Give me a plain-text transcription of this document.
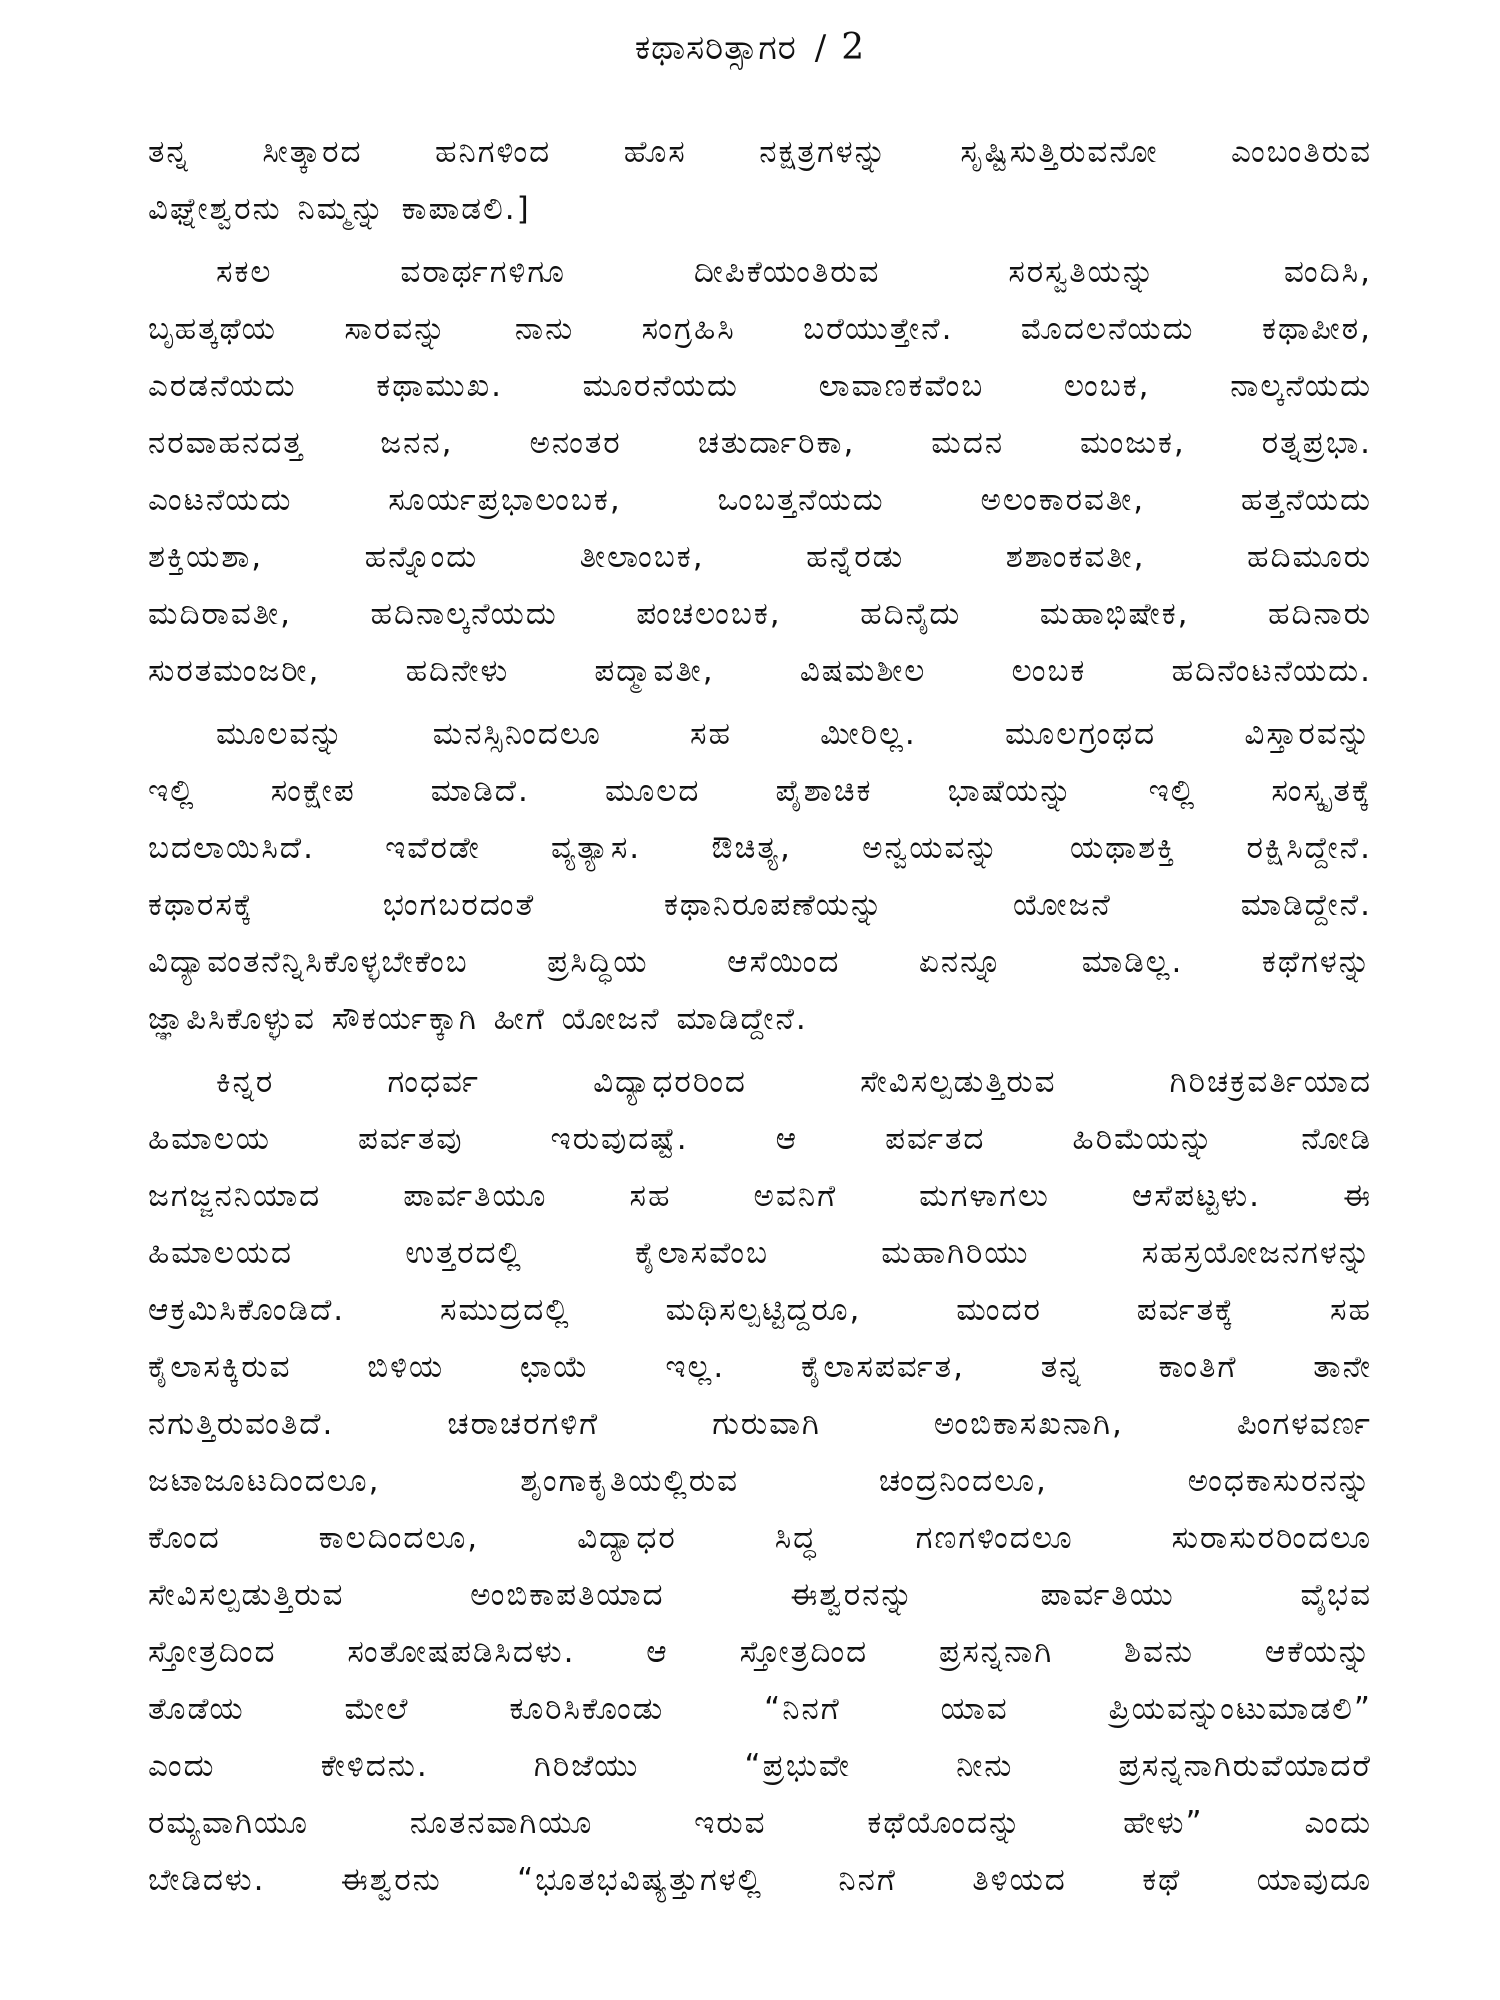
ಕಥಾಸರಿತ್ಸಾಗರ / 2
ತನ್ನ ಸೀತ್ಕಾರದ ಹನಿಗಳಿಂದ ಹೊಸ ನಕ್ಷತ್ರಗಳನ್ನು ಸೃಷ್ಟಿಸುತ್ತಿರುವನೋ ಎಂಬಂತಿರುವ
ವಿಘ್ನೇಶ್ವರನು ನಿಮ್ಮನ್ನು ಕಾಪಾಡಲಿ.]
ಸಕಲ ವರಾರ್ಥಗಳಿಗೂ ದೀಪಿಕೆಯಂತಿರುವ ಸರಸ್ವತಿಯನ್ನು ವಂದಿಸಿ,
ಬೃಹತ್ಕಥೆಯ ಸಾರವನ್ನು ನಾನು ಸಂಗ್ರಹಿಸಿ ಬರೆಯುತ್ತೇನೆ. ಮೊದಲನೆಯದು ಕಥಾಪೀಠ,
ಎರಡನೆಯದು ಕಥಾಮುಖ. ಮೂರನೆಯದು ಲಾವಾಣಕವೆಂಬ ಲಂಬಕ, ನಾಲ್ಕನೆಯದು
ನರವಾಹನದತ್ತ ಜನನ, ಅನಂತರ ಚತುರ್ದಾರಿಕಾ, ಮದನ ಮಂಜುಕ, ರತ್ನಪ್ರಭಾ.
ಎಂಟನೆಯದು ಸೂರ್ಯಪ್ರಭಾಲಂಬಕ, ಒಂಬತ್ತನೆಯದು ಅಲಂಕಾರವತೀ, ಹತ್ತನೆಯದು
ಶಕ್ತಿಯಶಾ, ಹನ್ನೊಂದು ತೀಲಾಂಬಕ, ಹನ್ನೆರಡು ಶಶಾಂಕವತೀ, ಹದಿಮೂರು
ಮದಿರಾವತೀ, ಹದಿನಾಲ್ಕನೆಯದು ಪಂಚಲಂಬಕ, ಹದಿನೈದು ಮಹಾಭಿಷೇಕ, ಹದಿನಾರು
ಸುರತಮಂಜರೀ, ಹದಿನೇಳು ಪದ್ಮಾವತೀ, ವಿಷಮಶೀಲ ಲಂಬಕ ಹದಿನೆಂಟನೆಯದು.
ಮೂಲವನ್ನು ಮನಸ್ಸಿನಿಂದಲೂ ಸಹ ಮೀರಿಲ್ಲ. ಮೂಲಗ್ರಂಥದ ವಿಸ್ತಾರವನ್ನು
ಇಲ್ಲಿ ಸಂಕ್ಷೇಪ ಮಾಡಿದೆ. ಮೂಲದ ಪೈಶಾಚಿಕ ಭಾಷೆಯನ್ನು ಇಲ್ಲಿ ಸಂಸ್ಕೃತಕ್ಕೆ
ಬದಲಾಯಿಸಿದೆ. ಇವೆರಡೇ ವ್ಯತ್ಯಾಸ. ಔಚಿತ್ಯ, ಅನ್ವಯವನ್ನು ಯಥಾಶಕ್ತಿ ರಕ್ಷಿಸಿದ್ದೇನೆ.
ಕಥಾರಸಕ್ಕೆ ಭಂಗಬರದಂತೆ ಕಥಾನಿರೂಪಣೆಯನ್ನು ಯೋಜನೆ ಮಾಡಿದ್ದೇನೆ.
ವಿದ್ಯಾವಂತನೆನ್ನಿಸಿಕೊಳ್ಳಬೇಕೆಂಬ ಪ್ರಸಿದ್ಧಿಯ ಆಸೆಯಿಂದ ಏನನ್ನೂ ಮಾಡಿಲ್ಲ. ಕಥೆಗಳನ್ನು
ಜ್ಞಾಪಿಸಿಕೊಳ್ಳುವ ಸೌಕರ್ಯಕ್ಕಾಗಿ ಹೀಗೆ ಯೋಜನೆ ಮಾಡಿದ್ದೇನೆ.
ಕಿನ್ನರ ಗಂಧರ್ವ ವಿದ್ಯಾಧರರಿಂದ ಸೇವಿಸಲ್ಪಡುತ್ತಿರುವ ಗಿರಿಚಕ್ರವರ್ತಿಯಾದ
ಹಿಮಾಲಯ ಪರ್ವತವು ಇರುವುದಷ್ಟೆ. ಆ ಪರ್ವತದ ಹಿರಿಮೆಯನ್ನು ನೋಡಿ
ಜಗಜ್ಜನನಿಯಾದ ಪಾರ್ವತಿಯೂ ಸಹ ಅವನಿಗೆ ಮಗಳಾಗಲು ಆಸೆಪಟ್ಟಳು. ಈ
ಹಿಮಾಲಯದ ಉತ್ತರದಲ್ಲಿ ಕೈಲಾಸವೆಂಬ ಮಹಾಗಿರಿಯು ಸಹಸ್ರಯೋಜನಗಳನ್ನು
ಆಕ್ರಮಿಸಿಕೊಂಡಿದೆ. ಸಮುದ್ರದಲ್ಲಿ ಮಥಿಸಲ್ಪಟ್ಟಿದ್ದರೂ, ಮಂದರ ಪರ್ವತಕ್ಕೆ ಸಹ
ಕೈಲಾಸಕ್ಕಿರುವ ಬಿಳಿಯ ಛಾಯೆ ಇಲ್ಲ. ಕೈಲಾಸಪರ್ವತ, ತನ್ನ ಕಾಂತಿಗೆ ತಾನೇ
ನಗುತ್ತಿರುವಂತಿದೆ. ಚರಾಚರಗಳಿಗೆ ಗುರುವಾಗಿ ಅಂಬಿಕಾಸಖನಾಗಿ, ಪಿಂಗಳವರ್ಣ
ಜಟಾಜೂಟದಿಂದಲೂ, ಶೃಂಗಾಕೃತಿಯಲ್ಲಿರುವ ಚಂದ್ರನಿಂದಲೂ, ಅಂಧಕಾಸುರನನ್ನು
ಕೊಂದ ಕಾಲದಿಂದಲೂ, ವಿದ್ಯಾಧರ ಸಿದ್ಧ ಗಣಗಳಿಂದಲೂ ಸುರಾಸುರರಿಂದಲೂ
ಸೇವಿಸಲ್ಪಡುತ್ತಿರುವ ಅಂಬಿಕಾಪತಿಯಾದ ಈಶ್ವರನನ್ನು ಪಾರ್ವತಿಯು ವೈಭವ
ಸ್ತೋತ್ರದಿಂದ ಸಂತೋಷಪಡಿಸಿದಳು. ಆ ಸ್ತೋತ್ರದಿಂದ ಪ್ರಸನ್ನನಾಗಿ ಶಿವನು ಆಕೆಯನ್ನು
ತೊಡೆಯ ಮೇಲೆ ಕೂರಿಸಿಕೊಂಡು “ನಿನಗೆ ಯಾವ ಪ್ರಿಯವನ್ನುಂಟುಮಾಡಲಿ”
ಎಂದು ಕೇಳಿದನು. ಗಿರಿಜೆಯು “ಪ್ರಭುವೇ ನೀನು ಪ್ರಸನ್ನನಾಗಿರುವೆಯಾದರೆ
ರಮ್ಯವಾಗಿಯೂ ನೂತನವಾಗಿಯೂ ಇರುವ ಕಥೆಯೊಂದನ್ನು ಹೇಳು” ಎಂದು
ಬೇಡಿದಳು. ಈಶ್ವರನು “ಭೂತಭವಿಷ್ಯತ್ತುಗಳಲ್ಲಿ ನಿನಗೆ ತಿಳಿಯದ ಕಥೆ ಯಾವುದೂ
